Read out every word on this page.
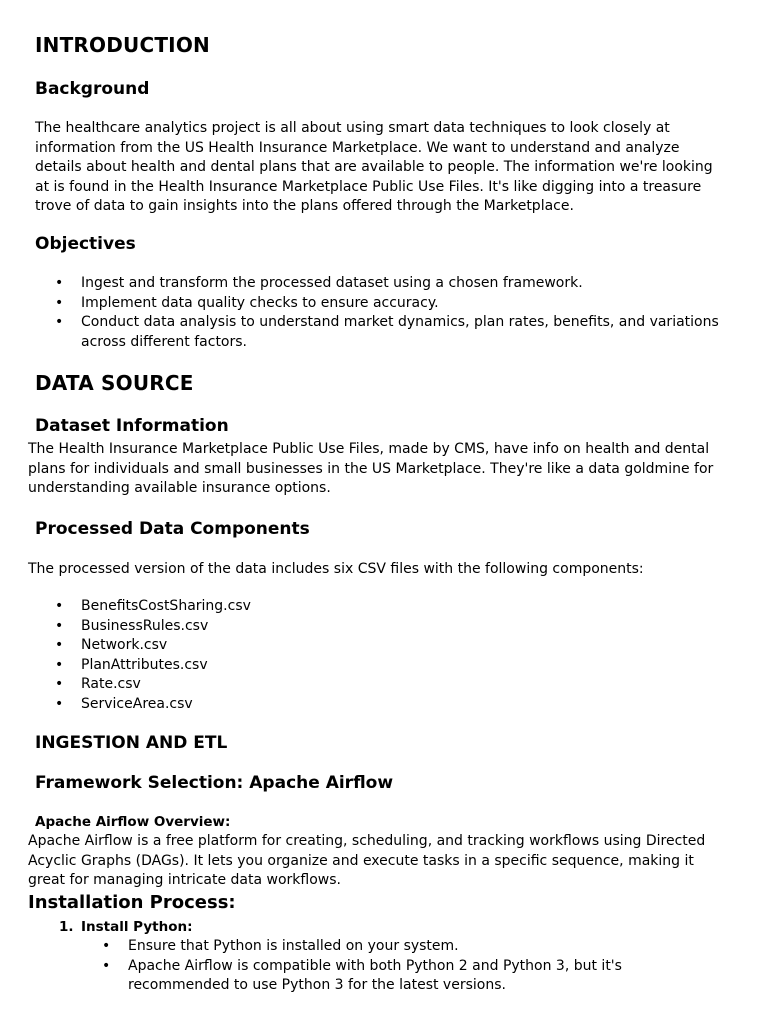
INTRODUCTION
Background
The healthcare analytics project is all about using smart data techniques to look closely at information from the US Health Insurance Marketplace. We want to understand and analyze details about health and dental plans that are available to people. The information we're looking at is found in the Health Insurance Marketplace Public Use Files. It's like digging into a treasure trove of data to gain insights into the plans offered through the Marketplace.
Objectives
• Ingest and transform the processed dataset using a chosen framework.
• Implement data quality checks to ensure accuracy.
• Conduct data analysis to understand market dynamics, plan rates, benefits, and variations across different factors.
DATA SOURCE
Dataset Information
The Health Insurance Marketplace Public Use Files, made by CMS, have info on health and dental plans for individuals and small businesses in the US Marketplace. They're like a data goldmine for understanding available insurance options.
Processed Data Components
The processed version of the data includes six CSV files with the following components:
• BenefitsCostSharing.csv
• BusinessRules.csv
• Network.csv
• PlanAttributes.csv
• Rate.csv
• ServiceArea.csv
INGESTION AND ETL
Framework Selection: Apache Airflow
Apache Airflow Overview:
Apache Airflow is a free platform for creating, scheduling, and tracking workflows using Directed Acyclic Graphs (DAGs). It lets you organize and execute tasks in a specific sequence, making it great for managing intricate data workflows.
Installation Process:
1. Install Python:
• Ensure that Python is installed on your system.
• Apache Airflow is compatible with both Python 2 and Python 3, but it's recommended to use Python 3 for the latest versions.
